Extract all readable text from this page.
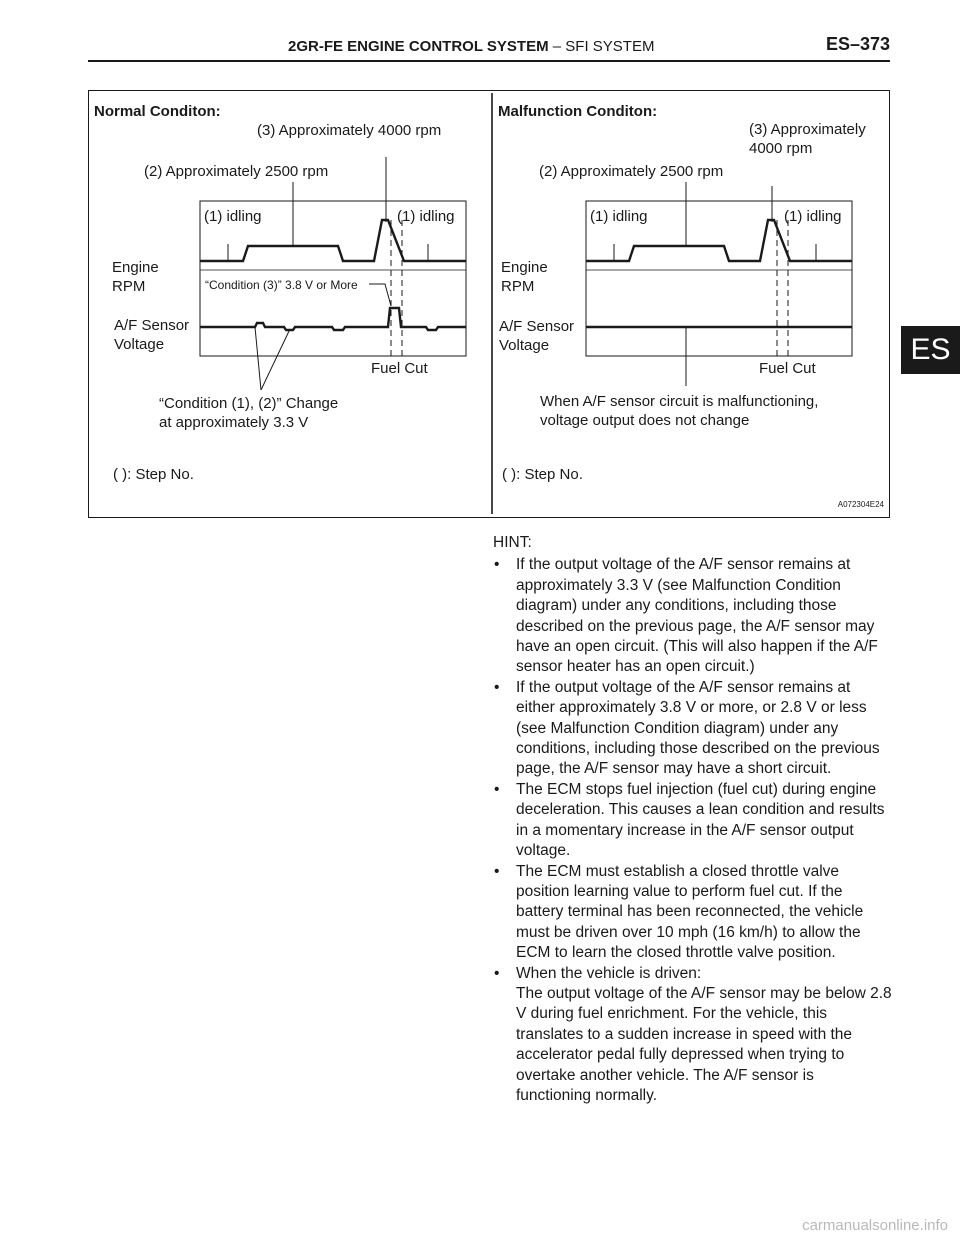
2GR-FE ENGINE CONTROL SYSTEM – SFI SYSTEM	ES–373
ES
Normal Conditon:
(3) Approximately 4000 rpm
(2) Approximately 2500 rpm
(1) idling	(1) idling
Engine
RPM	“Condition (3)” 3.8 V or More
A/F Sensor
Voltage
Fuel Cut
“Condition (1), (2)” Change
at approximately 3.3 V
( ): Step No.
Malfunction Conditon:
(3) Approximately
4000 rpm
(2) Approximately 2500 rpm
(1) idling	(1) idling
Engine
RPM
A/F Sensor
Voltage
Fuel Cut
When A/F sensor circuit is malfunctioning,
voltage output does not change
( ): Step No.
A072304E24
HINT:
• If the output voltage of the A/F sensor remains at approximately 3.3 V (see Malfunction Condition diagram) under any conditions, including those described on the previous page, the A/F sensor may have an open circuit. (This will also happen if the A/F sensor heater has an open circuit.)
• If the output voltage of the A/F sensor remains at either approximately 3.8 V or more, or 2.8 V or less (see Malfunction Condition diagram) under any conditions, including those described on the previous page, the A/F sensor may have a short circuit.
• The ECM stops fuel injection (fuel cut) during engine deceleration. This causes a lean condition and results in a momentary increase in the A/F sensor output voltage.
• The ECM must establish a closed throttle valve position learning value to perform fuel cut. If the battery terminal has been reconnected, the vehicle must be driven over 10 mph (16 km/h) to allow the ECM to learn the closed throttle valve position.
• When the vehicle is driven:
The output voltage of the A/F sensor may be below 2.8 V during fuel enrichment. For the vehicle, this translates to a sudden increase in speed with the accelerator pedal fully depressed when trying to overtake another vehicle. The A/F sensor is functioning normally.
carmanualsonline.info
